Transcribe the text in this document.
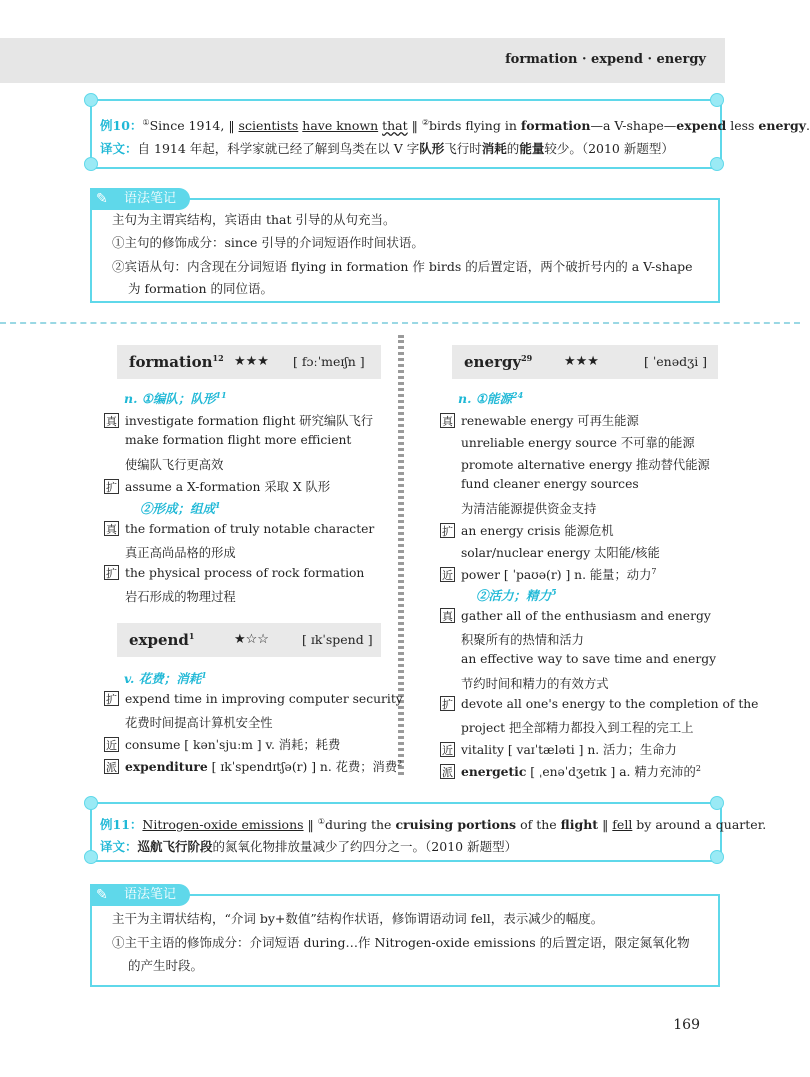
formation · expend · energy
例10：①Since 1914, ‖ scientists have known that ‖ ②birds flying in formation—a V-shape—expend less energy.
译文：自 1914 年起，科学家就已经了解到鸟类在以 V 字队形飞行时消耗的能量较少。（2010 新题型）
语法笔记
✎
主句为主谓宾结构，宾语由 that 引导的从句充当。
①主句的修饰成分：since 引导的介词短语作时间状语。
②宾语从句：内含现在分词短语 flying in formation 作 birds 的后置定语，两个破折号内的 a V-shape
为 formation 的同位语。
formation$^{12}$ ★★★ [ fɔːˈmeɪʃn ]
n. ①编队；队形$^{11}$
真 investigate formation flight 研究编队飞行
make formation flight more efficient
使编队飞行更高效
扩 assume a X-formation 采取 X 队形
②形成；组成$^1$
真 the formation of truly notable character
真正高尚品格的形成
扩 the physical process of rock formation
岩石形成的物理过程
expend$^1$	★☆☆	[ ɪkˈspend ]
v. 花费；消耗$^1$
扩 expend time in improving computer security
花费时间提高计算机安全性
近 consume [ kənˈsjuːm ] v. 消耗；耗费
派 expenditure [ ɪkˈspendɪtʃə(r) ] n. 花费；消费$^2$
energy$^{29}$ ★★★	[ ˈenədʒi ]
n. ①能源$^{24}$
真 renewable energy 可再生能源
unreliable energy source 不可靠的能源
promote alternative energy 推动替代能源
fund cleaner energy sources
为清洁能源提供资金支持
扩 an energy crisis 能源危机
solar/nuclear energy 太阳能/核能
近 power [ ˈpaʊə(r) ] n. 能量；动力$^7$
②活力；精力$^5$
真 gather all of the enthusiasm and energy
积聚所有的热情和活力
an effective way to save time and energy
节约时间和精力的有效方式
扩 devote all one's energy to the completion of the
project 把全部精力都投入到工程的完工上
近 vitality [ vaɪˈtæləti ] n. 活力；生命力
派 energetic [ ˌenəˈdʒetɪk ] a. 精力充沛的$^2$
例11：Nitrogen-oxide emissions ‖ ①during the cruising portions of the flight ‖ fell by around a quarter.
译文：巡航飞行阶段的氮氧化物排放量减少了约四分之一。（2010 新题型）
语法笔记
✎
主干为主谓状结构，“介词 by+数值”结构作状语，修饰谓语动词 fell，表示减少的幅度。
①主干主语的修饰成分：介词短语 during…作 Nitrogen-oxide emissions 的后置定语，限定氮氧化物
的产生时段。
169
